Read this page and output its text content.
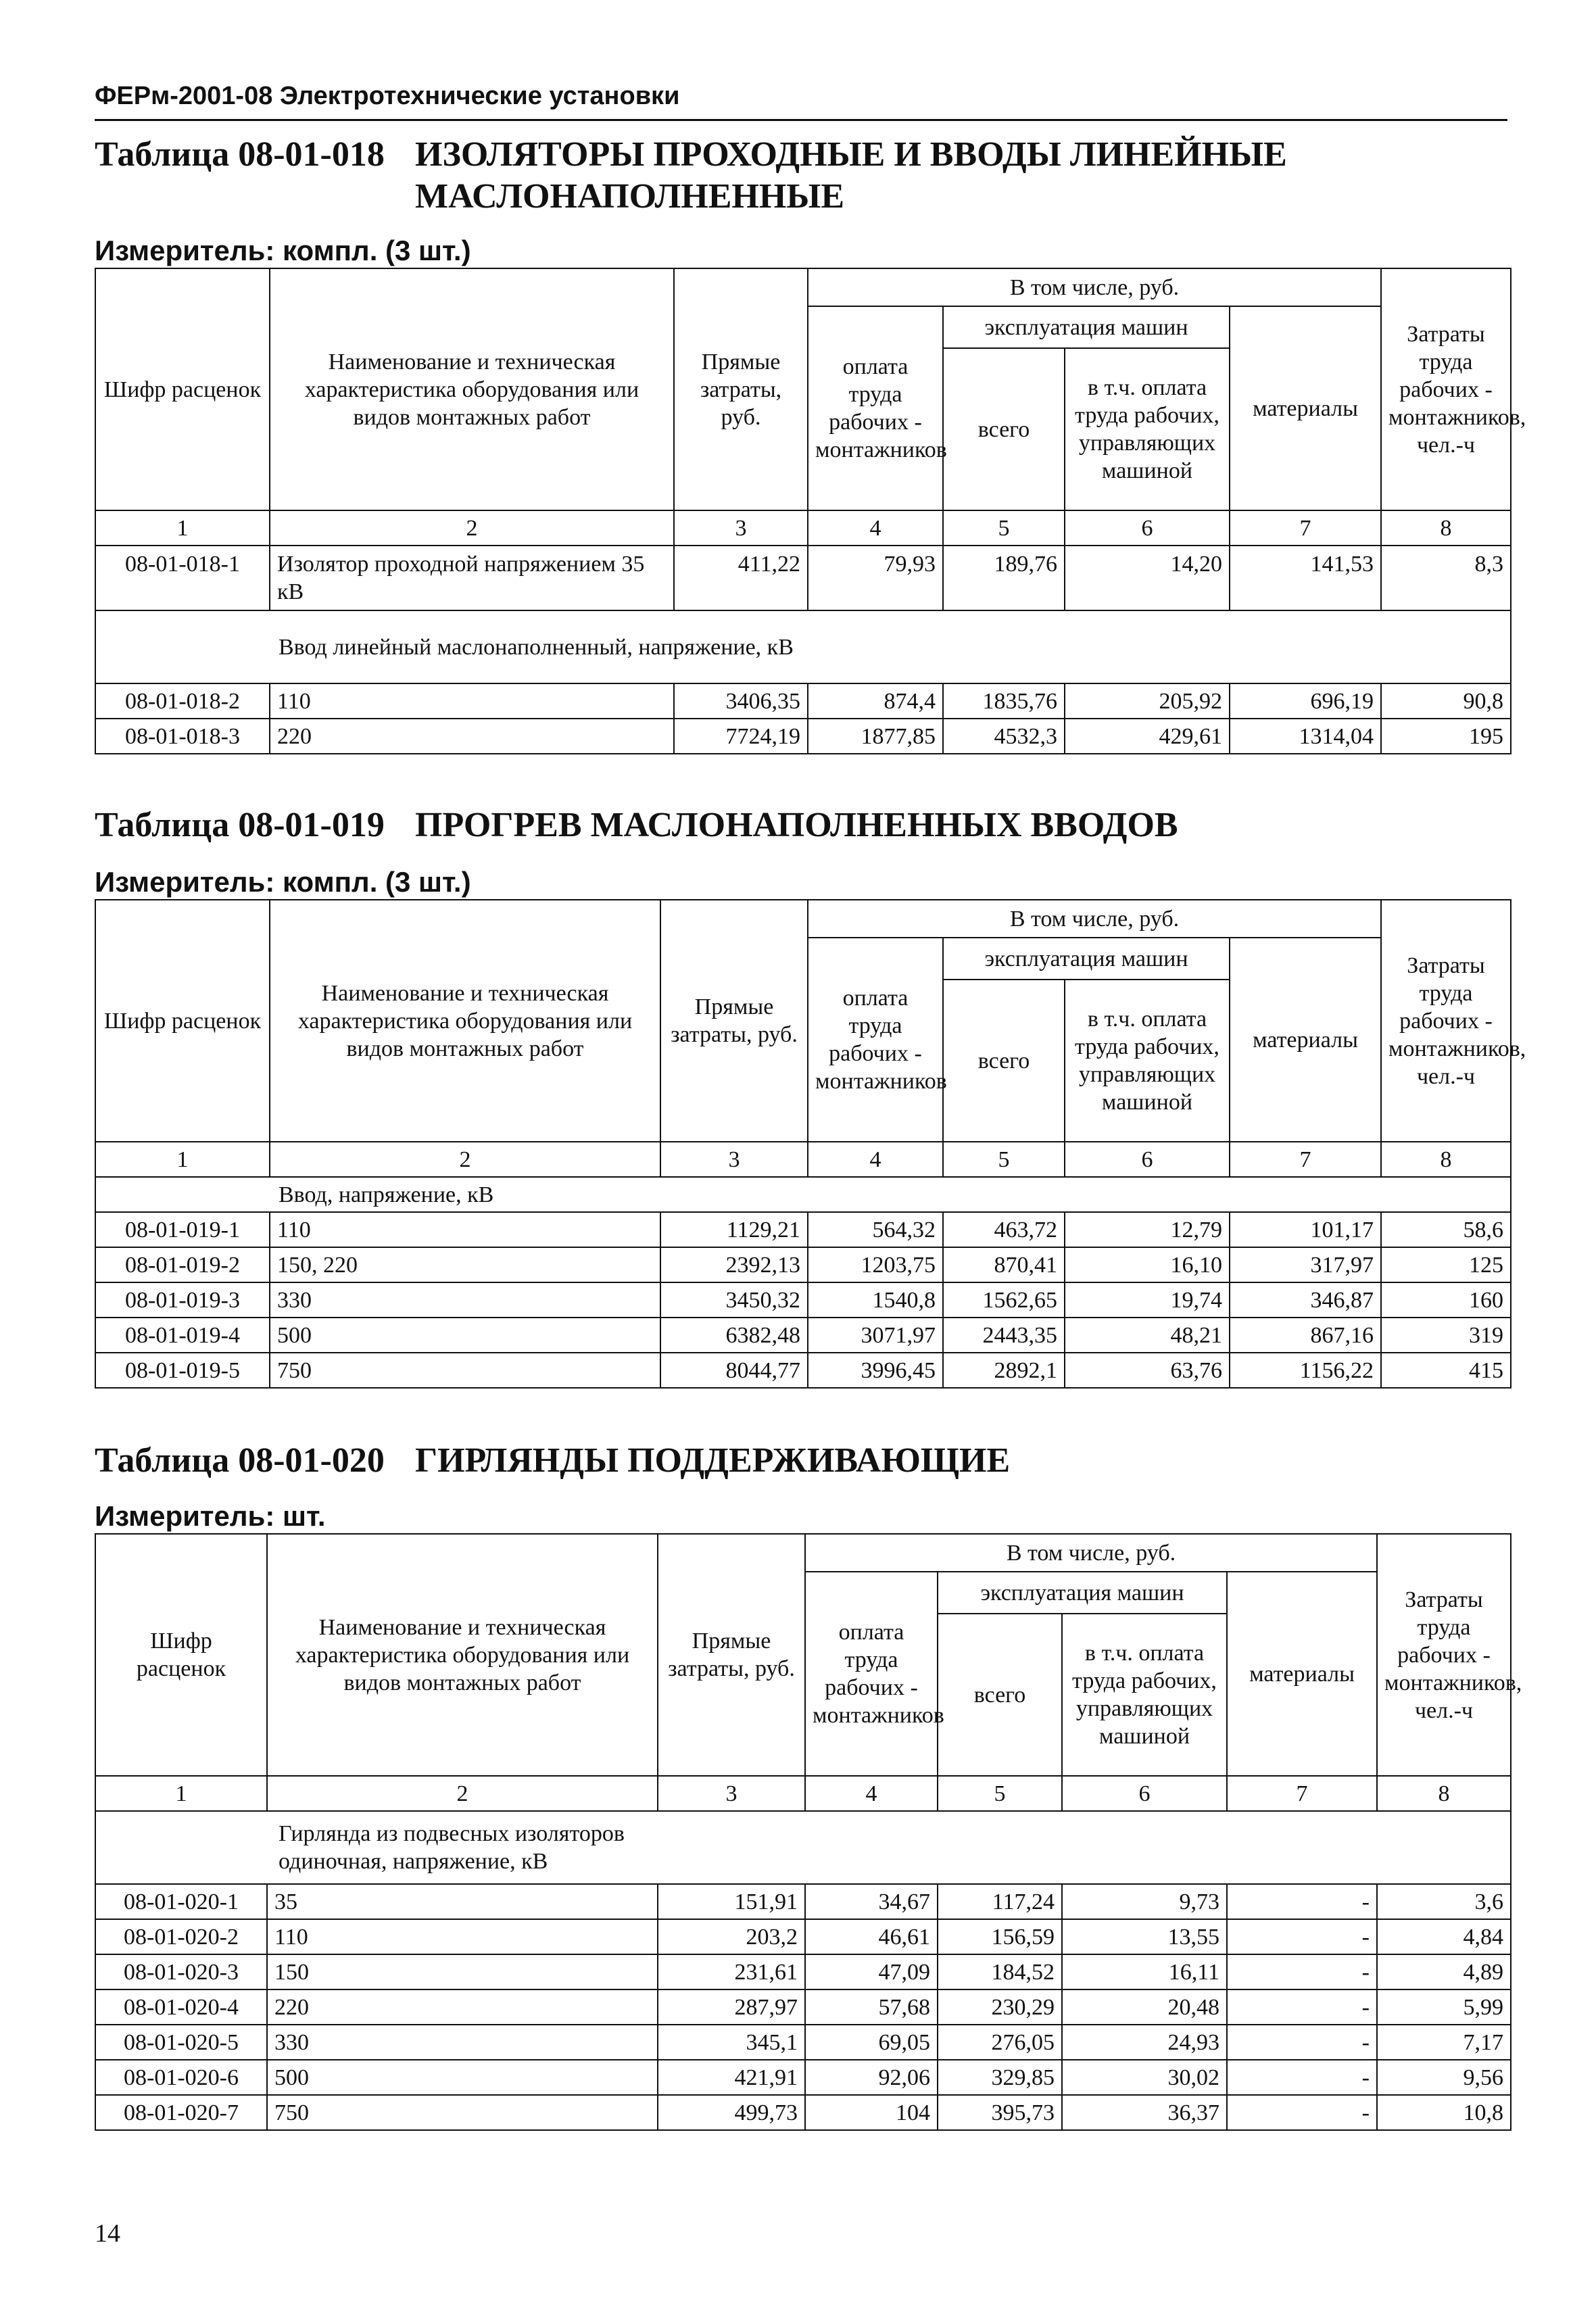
ФЕРм-2001-08 Электротехнические установки
Таблица 08-01-018 ИЗОЛЯТОРЫ ПРОХОДНЫЕ И ВВОДЫ ЛИНЕЙНЫЕ МАСЛОНАПОЛНЕННЫЕ
Измеритель: компл. (3 шт.)
Шифр расценок	Наименование и техническая характеристика оборудования или видов монтажных работ	Прямые затраты, руб.	В том числе, руб.				Затраты труда рабочих - монтажников, чел.-ч
			оплата труда рабочих - монтажников	эксплуатация машин		материалы	
				всего	в т.ч. оплата труда рабочих, управляющих машиной		
1	2	3	4	5	6	7	8
08-01-018-1	Изолятор проходной напряжением 35 кВ	411,22	79,93	189,76	14,20	141,53	8,3
Ввод линейный маслонаполненный, напряжение, кВ							
08-01-018-2	110	3406,35	874,4	1835,76	205,92	696,19	90,8
08-01-018-3	220	7724,19	1877,85	4532,3	429,61	1314,04	195
Таблица 08-01-019 ПРОГРЕВ МАСЛОНАПОЛНЕННЫХ ВВОДОВ
Измеритель: компл. (3 шт.)
Шифр расценок	Наименование и техническая характеристика оборудования или видов монтажных работ	Прямые затраты, руб.	В том числе, руб.				Затраты труда рабочих - монтажников, чел.-ч
			оплата труда рабочих - монтажников	эксплуатация машин		материалы	
				всего	в т.ч. оплата труда рабочих, управляющих машиной		
1	2	3	4	5	6	7	8
Ввод, напряжение, кВ							
08-01-019-1	110	1129,21	564,32	463,72	12,79	101,17	58,6
08-01-019-2	150, 220	2392,13	1203,75	870,41	16,10	317,97	125
08-01-019-3	330	3450,32	1540,8	1562,65	19,74	346,87	160
08-01-019-4	500	6382,48	3071,97	2443,35	48,21	867,16	319
08-01-019-5	750	8044,77	3996,45	2892,1	63,76	1156,22	415
Таблица 08-01-020 ГИРЛЯНДЫ ПОДДЕРЖИВАЮЩИЕ
Измеритель: шт.
Шифр расценок	Наименование и техническая характеристика оборудования или видов монтажных работ	Прямые затраты, руб.	В том числе, руб.				Затраты труда рабочих - монтажников, чел.-ч
			оплата труда рабочих - монтажников	эксплуатация машин		материалы	
				всего	в т.ч. оплата труда рабочих, управляющих машиной		
1	2	3	4	5	6	7	8
Гирлянда из подвесных изоляторов одиночная, напряжение, кВ							
08-01-020-1	35	151,91	34,67	117,24	9,73	-	3,6
08-01-020-2	110	203,2	46,61	156,59	13,55	-	4,84
08-01-020-3	150	231,61	47,09	184,52	16,11	-	4,89
08-01-020-4	220	287,97	57,68	230,29	20,48	-	5,99
08-01-020-5	330	345,1	69,05	276,05	24,93	-	7,17
08-01-020-6	500	421,91	92,06	329,85	30,02	-	9,56
08-01-020-7	750	499,73	104	395,73	36,37	-	10,8
14
